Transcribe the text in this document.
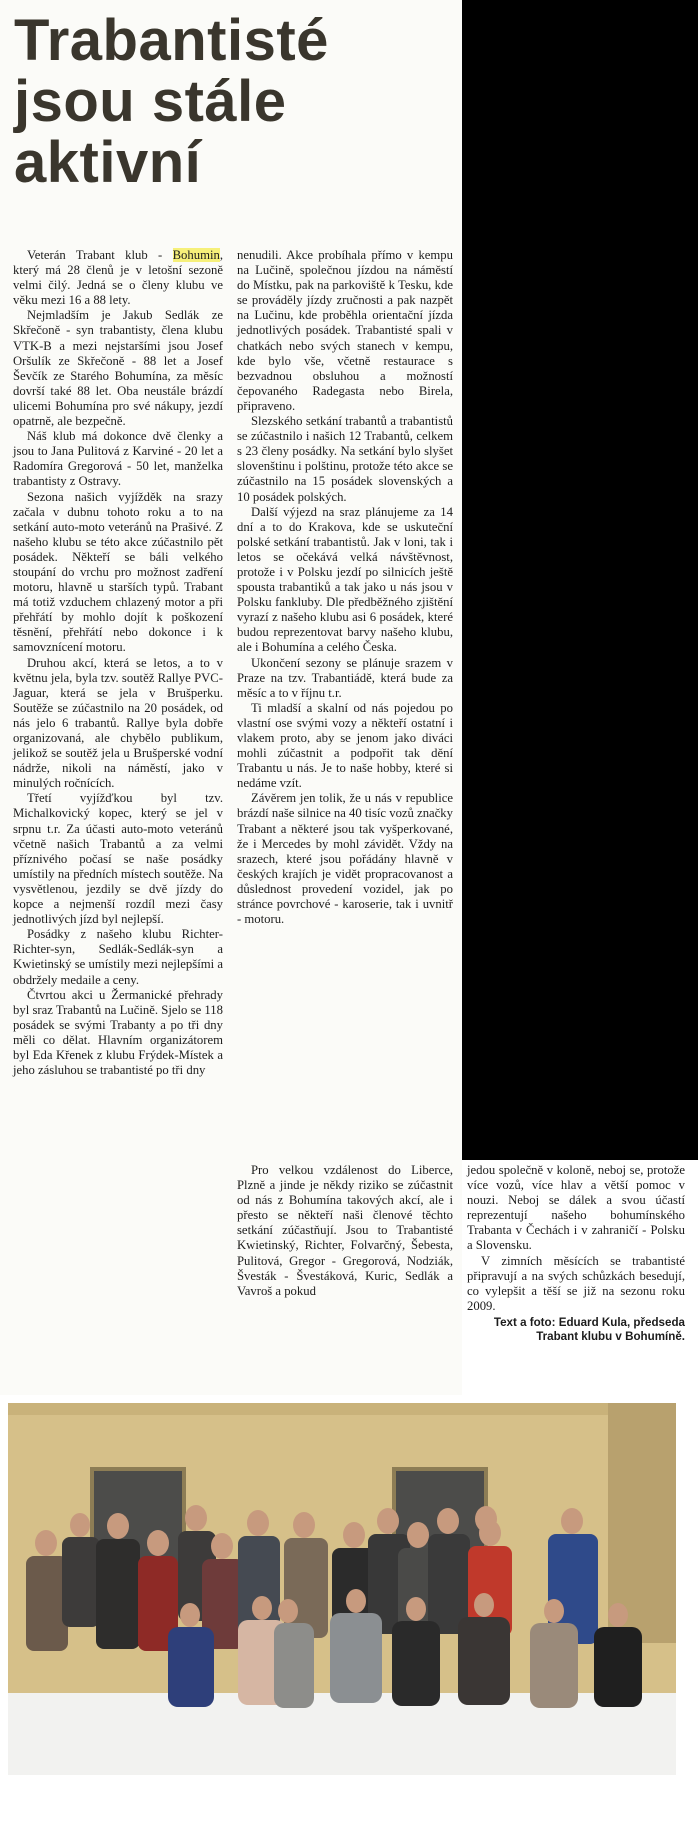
Trabantisté
jsou stále
aktivní

Veterán Trabant klub - Bohumin, který má 28 členů je v letošní sezoně velmi čilý. Jedná se o členy klubu ve věku mezi 16 a 88 lety.

Nejmladším je Jakub Sedlák ze Skřečoně - syn trabantisty, člena klubu VTK-B a mezi nejstaršími jsou Josef Oršulík ze Skřečoně - 88 let a Josef Ševčík ze Starého Bohumína, za měsíc dovrší také 88 let. Oba neustále brázdí ulicemi Bohumína pro své nákupy, jezdí opatrně, ale bezpečně.

Náš klub má dokonce dvě členky a jsou to Jana Pulitová z Karviné - 20 let a Radomíra Gregorová - 50 let, manželka trabantisty z Ostravy.

Sezona našich vyjížděk na srazy začala v dubnu tohoto roku a to na setkání auto-moto veteránů na Prašivé. Z našeho klubu se této akce zúčastnilo pět posádek. Někteří se báli velkého stoupání do vrchu pro možnost zadření motoru, hlavně u starších typů. Trabant má totiž vzduchem chlazený motor a při přehřátí by mohlo dojít k poškození těsnění, přehřátí nebo dokonce i k samovznícení motoru.

Druhou akcí, která se letos, a to v květnu jela, byla tzv. soutěž Rallye PVC-Jaguar, která se jela v Brušperku. Soutěže se zúčastnilo na 20 posádek, od nás jelo 6 trabantů. Rallye byla dobře organizovaná, ale chybělo publikum, jelikož se soutěž jela u Brušperské vodní nádrže, nikoli na náměstí, jako v minulých ročnících.

Třetí vyjížďkou byl tzv. Michalkovický kopec, který se jel v srpnu t.r. Za účasti auto-moto veteránů včetně našich Trabantů a za velmi příznivého počasí se naše posádky umístily na předních místech soutěže. Na vysvětlenou, jezdily se dvě jízdy do kopce a nejmenší rozdíl mezi časy jednotlivých jízd byl nejlepší.

Posádky z našeho klubu Richter-Richter-syn, Sedlák-Sedlák-syn a Kwietinský se umístily mezi nejlepšími a obdržely medaile a ceny.

Čtvrtou akci u Žermanické přehrady byl sraz Trabantů na Lučině. Sjelo se 118 posádek se svými Trabanty a po tři dny měli co dělat. Hlavním organizátorem byl Eda Křenek z klubu Frýdek-Místek a jeho zásluhou se trabantisté po tři dny

nenudili. Akce probíhala přímo v kempu na Lučině, společnou jízdou na náměstí do Místku, pak na parkoviště k Tesku, kde se prováděly jízdy zručnosti a pak nazpět na Lučinu, kde proběhla orientační jízda jednotlivých posádek. Trabantisté spali v chatkách nebo svých stanech v kempu, kde bylo vše, včetně restaurace s bezvadnou obsluhou a možností čepovaného Radegasta nebo Birela, připraveno.

Slezského setkání trabantů a trabantistů se zúčastnilo i našich 12 Trabantů, celkem s 23 členy posádky. Na setkání bylo slyšet slovenštinu i polštinu, protože této akce se zúčastnilo na 15 posádek slovenských a 10 posádek polských.

Další výjezd na sraz plánujeme za 14 dní a to do Krakova, kde se uskuteční polské setkání trabantistů. Jak v loni, tak i letos se očekává velká návštěvnost, protože i v Polsku jezdí po silnicích ještě spousta trabantiků a tak jako u nás jsou v Polsku fankluby. Dle předběžného zjištění vyrazí z našeho klubu asi 6 posádek, které budou reprezentovat barvy našeho klubu, ale i Bohumína a celého Česka.

Ukončení sezony se plánuje srazem v Praze na tzv. Trabantiádě, která bude za měsíc a to v říjnu t.r.

Ti mladší a skalní od nás pojedou po vlastní ose svými vozy a někteří ostatní i vlakem proto, aby se jenom jako diváci mohli zúčastnit a podpořit tak dění Trabantu u nás. Je to naše hobby, které si nedáme vzít.

Závěrem jen tolik, že u nás v republice brázdí naše silnice na 40 tisíc vozů značky Trabant a některé jsou tak vyšperkované, že i Mercedes by mohl závidět. Vždy na srazech, které jsou pořádány hlavně v českých krajích je vidět propracovanost a důslednost provedení vozidel, jak po stránce povrchové - karoserie, tak i uvnitř - motoru.

Pro velkou vzdálenost do Liberce, Plzně a jinde je někdy riziko se zúčastnit od nás z Bohumína takových akcí, ale i přesto se někteří naši členové těchto setkání zúčastňují. Jsou to Trabantisté Kwietinský, Richter, Folvarčný, Šebesta, Pulitová, Gregor - Gregorová, Nodziák, Švesták - Švestáková, Kuric, Sedlák a Vavroš a pokud

jedou společně v koloně, neboj se, protože více vozů, více hlav a větší pomoc v nouzi. Neboj se dálek a svou účastí reprezentují našeho bohumínského Trabanta v Čechách i v zahraničí - Polsku a Slovensku.

V zimních měsících se trabantisté připravují a na svých schůzkách besedují, co vylepšit a těší se již na sezonu roku 2009.

Text a foto: Eduard Kula, předseda Trabant klubu v Bohumíně.
